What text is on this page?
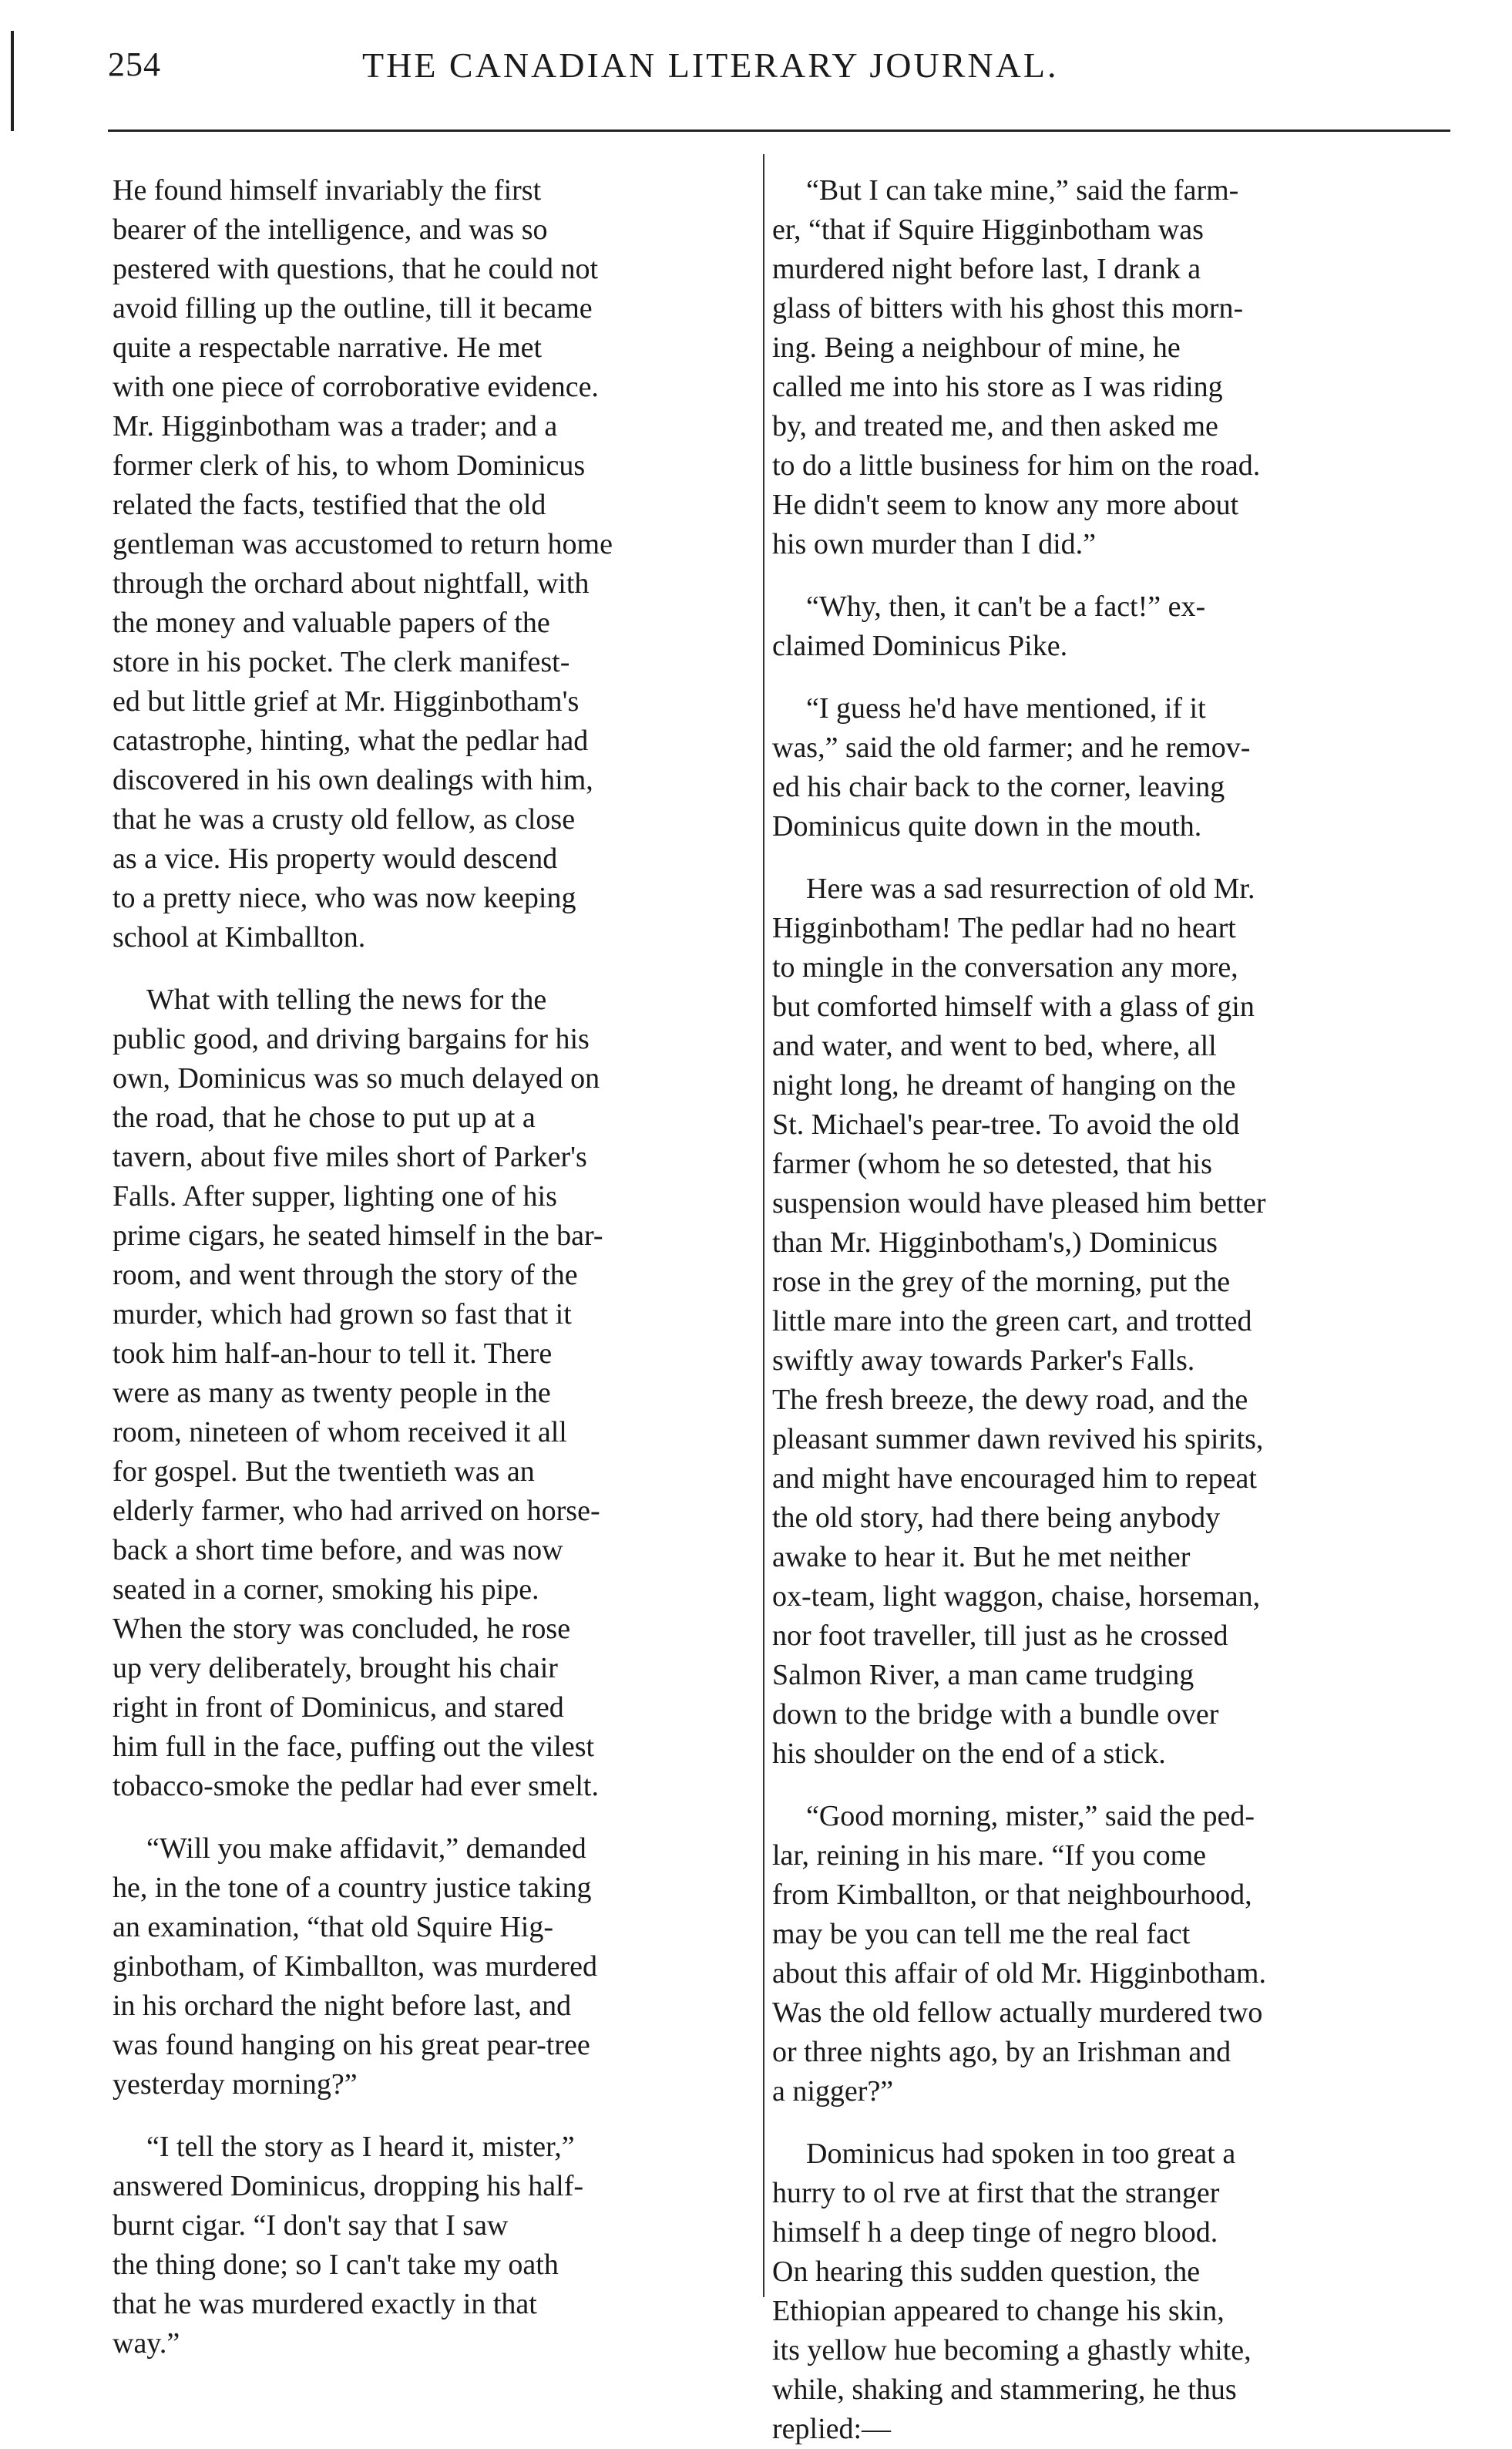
254	THE CANADIAN LITERARY JOURNAL.
He found himself invariably the first
bearer of the intelligence, and was so
pestered with questions, that he could not
avoid filling up the outline, till it became
quite a respectable narrative. He met
with one piece of corroborative evidence.
Mr. Higginbotham was a trader; and a
former clerk of his, to whom Dominicus
related the facts, testified that the old
gentleman was accustomed to return home
through the orchard about nightfall, with
the money and valuable papers of the
store in his pocket. The clerk manifest-
ed but little grief at Mr. Higginbotham's
catastrophe, hinting, what the pedlar had
discovered in his own dealings with him,
that he was a crusty old fellow, as close
as a vice. His property would descend
to a pretty niece, who was now keeping
school at Kimballton.
What with telling the news for the
public good, and driving bargains for his
own, Dominicus was so much delayed on
the road, that he chose to put up at a
tavern, about five miles short of Parker's
Falls. After supper, lighting one of his
prime cigars, he seated himself in the bar-
room, and went through the story of the
murder, which had grown so fast that it
took him half-an-hour to tell it. There
were as many as twenty people in the
room, nineteen of whom received it all
for gospel. But the twentieth was an
elderly farmer, who had arrived on horse-
back a short time before, and was now
seated in a corner, smoking his pipe.
When the story was concluded, he rose
up very deliberately, brought his chair
right in front of Dominicus, and stared
him full in the face, puffing out the vilest
tobacco-smoke the pedlar had ever smelt.
“Will you make affidavit,” demanded
he, in the tone of a country justice taking
an examination, “that old Squire Hig-
ginbotham, of Kimballton, was murdered
in his orchard the night before last, and
was found hanging on his great pear-tree
yesterday morning?”
“I tell the story as I heard it, mister,”
answered Dominicus, dropping his half-
burnt cigar. “I don't say that I saw
the thing done; so I can't take my oath
that he was murdered exactly in that
way.”
“But I can take mine,” said the farm-
er, “that if Squire Higginbotham was
murdered night before last, I drank a
glass of bitters with his ghost this morn-
ing. Being a neighbour of mine, he
called me into his store as I was riding
by, and treated me, and then asked me
to do a little business for him on the road.
He didn't seem to know any more about
his own murder than I did.”
“Why, then, it can't be a fact!” ex-
claimed Dominicus Pike.
“I guess he'd have mentioned, if it
was,” said the old farmer; and he remov-
ed his chair back to the corner, leaving
Dominicus quite down in the mouth.
Here was a sad resurrection of old Mr.
Higginbotham! The pedlar had no heart
to mingle in the conversation any more,
but comforted himself with a glass of gin
and water, and went to bed, where, all
night long, he dreamt of hanging on the
St. Michael's pear-tree. To avoid the old
farmer (whom he so detested, that his
suspension would have pleased him better
than Mr. Higginbotham's,) Dominicus
rose in the grey of the morning, put the
little mare into the green cart, and trotted
swiftly away towards Parker's Falls.
The fresh breeze, the dewy road, and the
pleasant summer dawn revived his spirits,
and might have encouraged him to repeat
the old story, had there being anybody
awake to hear it. But he met neither
ox-team, light waggon, chaise, horseman,
nor foot traveller, till just as he crossed
Salmon River, a man came trudging
down to the bridge with a bundle over
his shoulder on the end of a stick.
“Good morning, mister,” said the ped-
lar, reining in his mare. “If you come
from Kimballton, or that neighbourhood,
may be you can tell me the real fact
about this affair of old Mr. Higginbotham.
Was the old fellow actually murdered two
or three nights ago, by an Irishman and
a nigger?”
Dominicus had spoken in too great a
hurry to ol rve at first that the stranger
himself h a deep tinge of negro blood.
On hearing this sudden question, the
Ethiopian appeared to change his skin,
its yellow hue becoming a ghastly white,
while, shaking and stammering, he thus
replied:—
